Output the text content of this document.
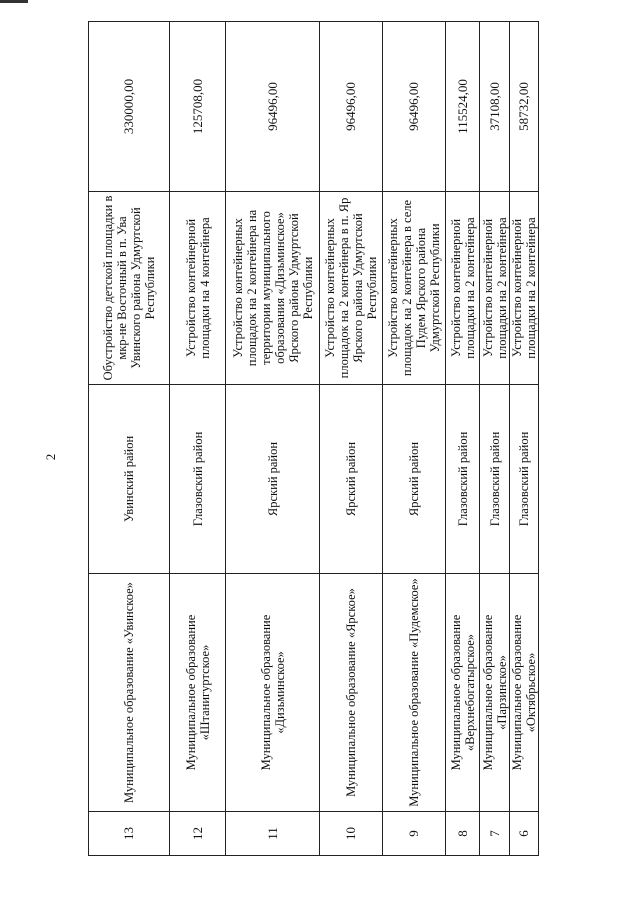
2
13	Муниципальное образование «Увинское»	Увинский район	Обустройство детской площадки в мкр-не Восточный в п. Ува Увинского района Удмуртской Республики	330000,00
12	Муниципальное образование «Штанигуртское»	Глазовский район	Устройство контейнерной площадки на 4 контейнера	125708,00
11	Муниципальное образование «Дизьминское»	Ярский район	Устройство контейнерных площадок на 2 контейнера на территории муниципального образования «Дизьминское» Ярского района Удмуртской Республики	96496,00
10	Муниципальное образование «Ярское»	Ярский район	Устройство контейнерных площадок на 2 контейнера в п. Яр Ярского района Удмуртской Республики	96496,00
9	Муниципальное образование «Пудемское»	Ярский район	Устройство контейнерных площадок на 2 контейнера в селе Пудем Ярского района Удмуртской Республики	96496,00
8	Муниципальное образование «Верхнебогатырское»	Глазовский район	Устройство контейнерной площадки на 2 контейнера	115524,00
7	Муниципальное образование «Парзинское»	Глазовский район	Устройство контейнерной площадки на 2 контейнера	37108,00
6	Муниципальное образование «Октябрьское»	Глазовский район	Устройство контейнерной площадки на 2 контейнера	58732,00
